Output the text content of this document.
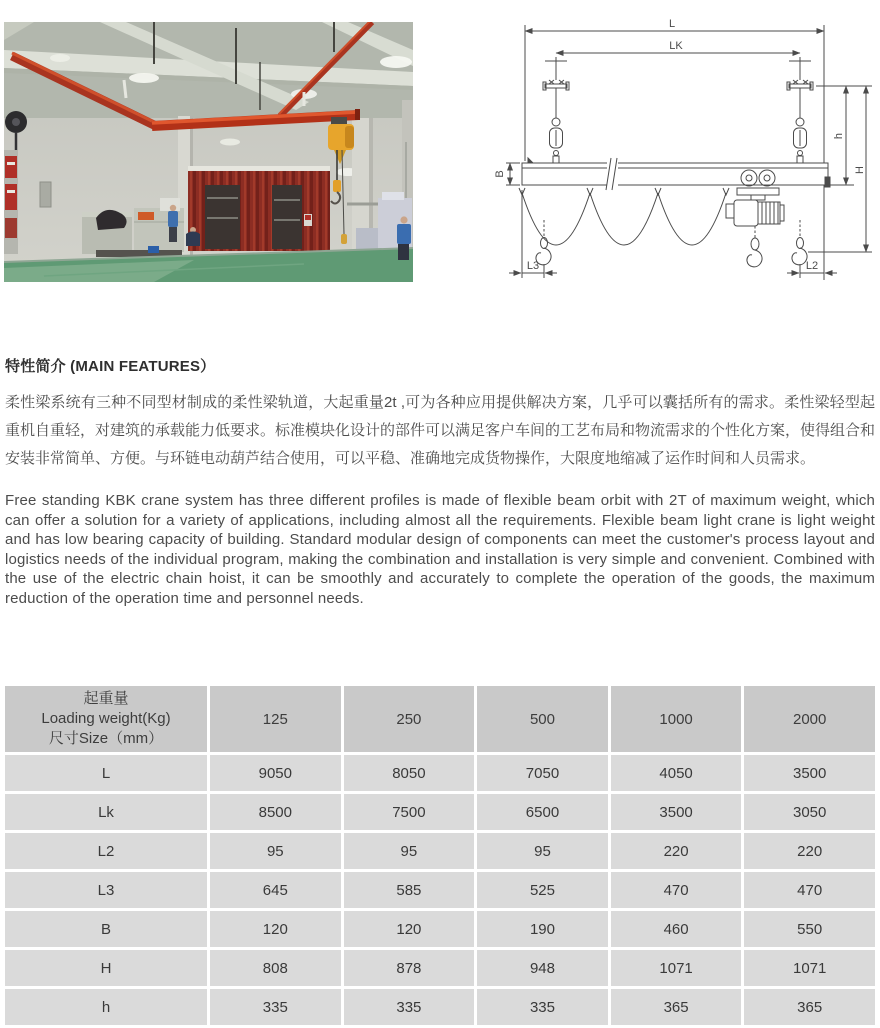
L
LK
B
h
H
L3	L2
特性简介 (MAIN FEATURES）

柔性梁系统有三种不同型材制成的柔性梁轨道，大起重量2t ,可为各种应用提供解决方案，几乎可以囊括所有的需求。柔性梁轻型起重机自重轻，对建筑的承载能力低要求。标准模块化设计的部件可以满足客户车间的工艺布局和物流需求的个性化方案，使得组合和安装非常简单、方便。与环链电动葫芦结合使用，可以平稳、准确地完成货物操作，大限度地缩减了运作时间和人员需求。

Free standing KBK crane system has three different profiles is made of flexible beam orbit with 2T of maximum weight, which can offer a solution for a variety of applications, including almost all the requirements. Flexible beam light crane is light weight and has low bearing capacity of building. Standard modular design of components can meet the customer's process layout and logistics needs of the individual program, making the combination and installation is very simple and convenient. Combined with the use of the electric chain hoist, it can be smoothly and accurately to complete the operation of the goods, the maximum reduction of the operation time and personnel needs.

起重量
Loading weight(Kg)
尺寸Size（mm）	125	250	500	1000	2000
L	9050	8050	7050	4050	3500
Lk	8500	7500	6500	3500	3050
L2	95	95	95	220	220
L3	645	585	525	470	470
B	120	120	190	460	550
H	808	878	948	1071	1071
h	335	335	335	365	365
